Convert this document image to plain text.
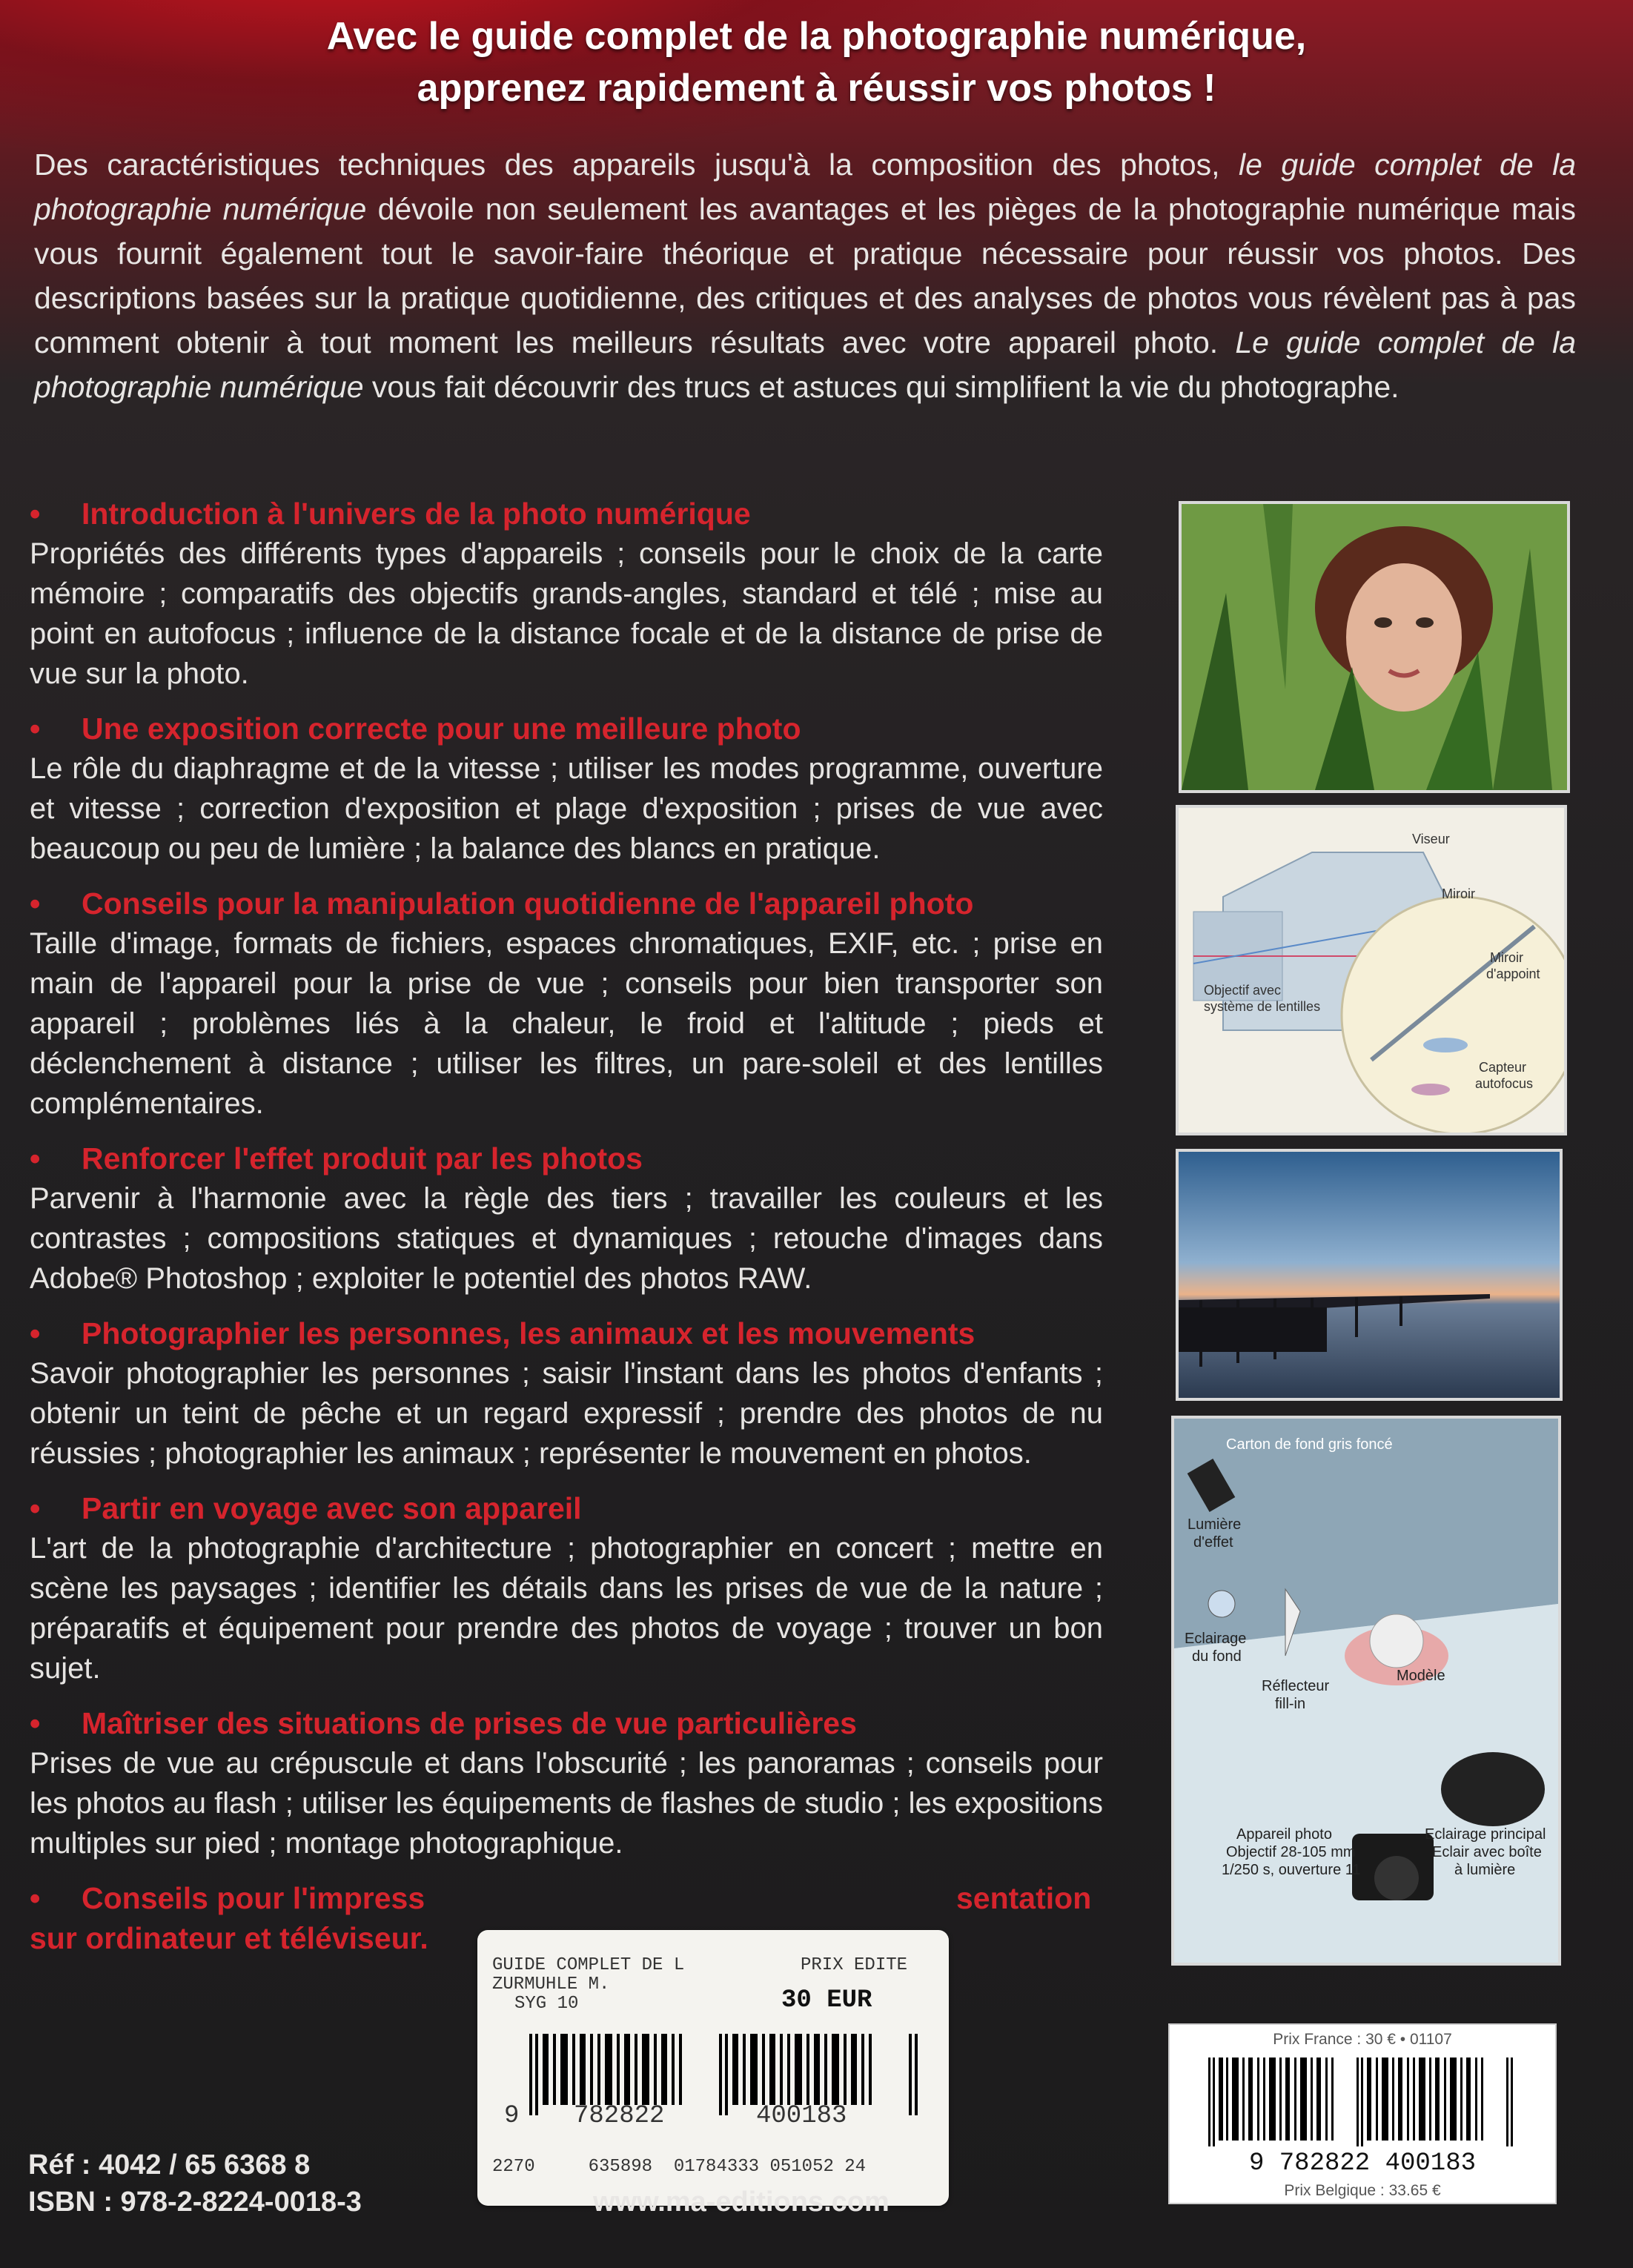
Avec le guide complet de la photographie numérique,
apprenez rapidement à réussir vos photos !
Des caractéristiques techniques des appareils jusqu'à la composition des photos, le guide complet de la photographie numérique dévoile non seulement les avantages et les pièges de la photographie numérique mais vous fournit également tout le savoir-faire théorique et pratique nécessaire pour réussir vos photos. Des descriptions basées sur la pratique quotidienne, des critiques et des analyses de photos vous révèlent pas à pas comment obtenir à tout moment les meilleurs résultats avec votre appareil photo. Le guide complet de la photographie numérique vous fait découvrir des trucs et astuces qui simplifient la vie du photographe.
• Introduction à l'univers de la photo numérique
Propriétés des différents types d'appareils ; conseils pour le choix de la carte mémoire ; comparatifs des objectifs grands-angles, standard et télé ; mise au point en autofocus ; influence de la distance focale et de la distance de prise de vue sur la photo.
• Une exposition correcte pour une meilleure photo
Le rôle du diaphragme et de la vitesse ; utiliser les modes programme, ouverture et vitesse ; correction d'exposition et plage d'exposition ; prises de vue avec beaucoup ou peu de lumière ; la balance des blancs en pratique.
• Conseils pour la manipulation quotidienne de l'appareil photo
Taille d'image, formats de fichiers, espaces chromatiques, EXIF, etc. ; prise en main de l'appareil pour la prise de vue ; conseils pour bien transporter son appareil ; problèmes liés à la chaleur, le froid et l'altitude ; pieds et déclenchement à distance ; utiliser les filtres, un pare-soleil et des lentilles complémentaires.
• Renforcer l'effet produit par les photos
Parvenir à l'harmonie avec la règle des tiers ; travailler les couleurs et les contrastes ; compositions statiques et dynamiques ; retouche d'images dans Adobe® Photoshop ; exploiter le potentiel des photos RAW.
• Photographier les personnes, les animaux et les mouvements
Savoir photographier les personnes ; saisir l'instant dans les photos d'enfants ; obtenir un teint de pêche et un regard expressif ; prendre des photos de nu réussies ; photographier les animaux ; représenter le mouvement en photos.
• Partir en voyage avec son appareil
L'art de la photographie d'architecture ; photographier en concert ; mettre en scène les paysages ; identifier les détails dans les prises de vue de la nature ; préparatifs et équipement pour prendre des photos de voyage ; trouver un bon sujet.
• Maîtriser des situations de prises de vue particulières
Prises de vue au crépuscule et dans l'obscurité ; les panoramas ; conseils pour les photos au flash ; utiliser les équipements de flashes de studio ; les expositions multiples sur pied ; montage photographique.
• Conseils pour l'impress	sentation
sur ordinateur et téléviseur.
Viseur
Miroir
Miroir
d'appoint
Objectif avec
système de lentilles
Capteur
autofocus
Carton de fond gris foncé
Lumière
d'effet
Eclairage
du fond
Réflecteur
fill-in
Modèle
Appareil photo
Objectif 28-105 mm
1/250 s, ouverture 11
Eclairage principal
Eclair avec boîte
à lumière
Prix France : 30 € • 01107
9 782822 400183
Prix Belgique : 33.65 €
GUIDE COMPLET DE L
ZURMUHLE M.
SYG 10
PRIX EDITE
30 EUR
9 782822	400183
2270     635898  01784333 051052 24
Réf : 4042 / 65 6368 8
ISBN : 978-2-8224-0018-3	www.ma-editions.com
